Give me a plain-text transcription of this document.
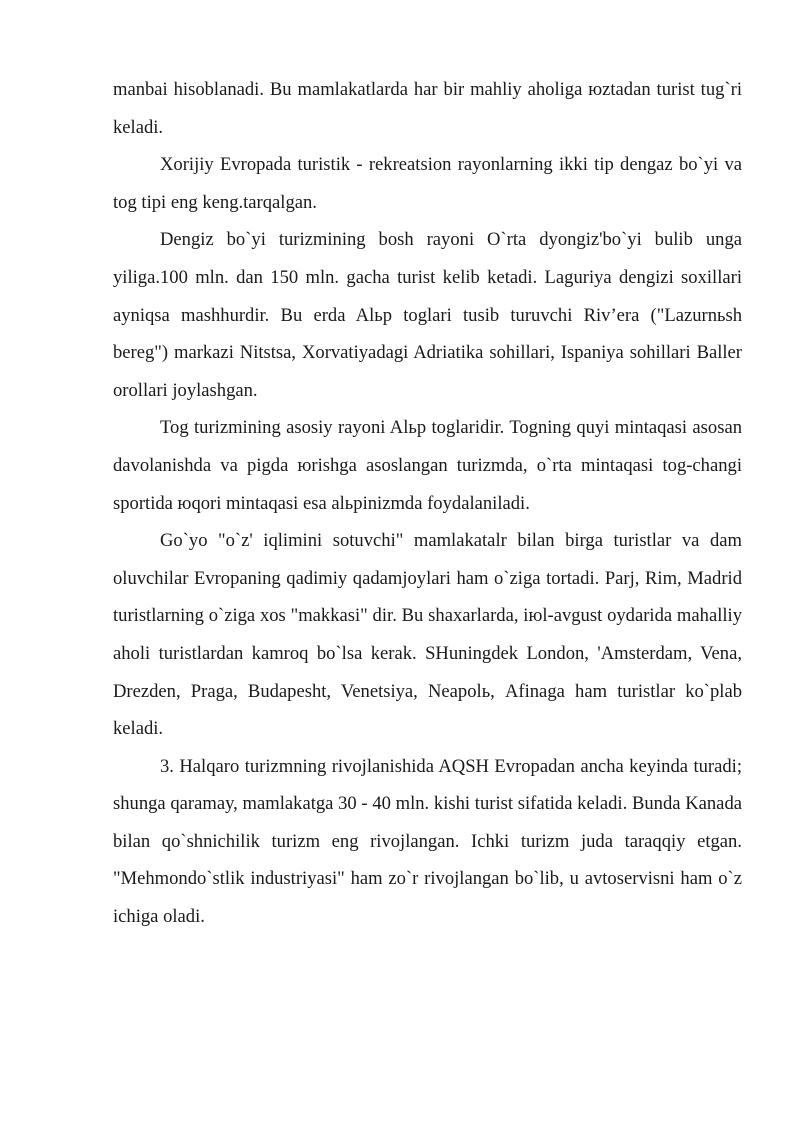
manbai hisoblanadi. Bu mamlakatlarda har bir mahliy aholiga юztadan turist tug`ri keladi.

Xorijiy Evropada turistik - rekreatsion rayonlarning ikki tip dengaz bo`yi va tog tipi eng keng.tarqalgan.

Dengiz bo`yi turizmining bosh rayoni O`rta dyongiz'bo`yi bulib unga yiliga.100 mln. dan 150 mln. gacha turist kelib ketadi. Laguriya dengizi soxillari ayniqsa mashhurdir. Bu erda Alьp toglari tusib turuvchi Riv’era ("Lazurnьsh bereg") markazi Nitstsa, Xorvatiyadagi Adriatika sohillari, Ispaniya sohillari Baller orollari joylashgan.

Tog turizmining asosiy rayoni Alьp toglaridir. Togning quyi mintaqasi asosan davolanishda va pigda юrishga asoslangan turizmda, o`rta mintaqasi tog-changi sportida юqori mintaqasi esa alьpinizmda foydalaniladi.

Go`yo "o`z' iqlimini sotuvchi" mamlakatalr bilan birga turistlar va dam oluvchilar Evropaning qadimiy qadamjoylari ham o`ziga tortadi. Parj, Rim, Madrid turistlarning o`ziga xos "makkasi" dir. Bu shaxarlarda, iюl-avgust oydarida mahalliy aholi turistlardan kamroq bo`lsa kerak. SHuningdek London, 'Amsterdam, Vena, Drezden, Praga, Budapesht, Venetsiya, Neapolь, Afinaga ham turistlar ko`plab keladi.

3. Halqaro turizmning rivojlanishida AQSH Evropadan ancha keyinda turadi; shunga qaramay, mamlakatga 30 - 40 mln. kishi turist sifatida keladi. Bunda Kanada bilan qo`shnichilik turizm eng rivojlangan. Ichki turizm juda taraqqiy etgan. "Mehmondo`stlik industriyasi" ham zo`r rivojlangan bo`lib, u avtoservisni ham o`z ichiga oladi.
